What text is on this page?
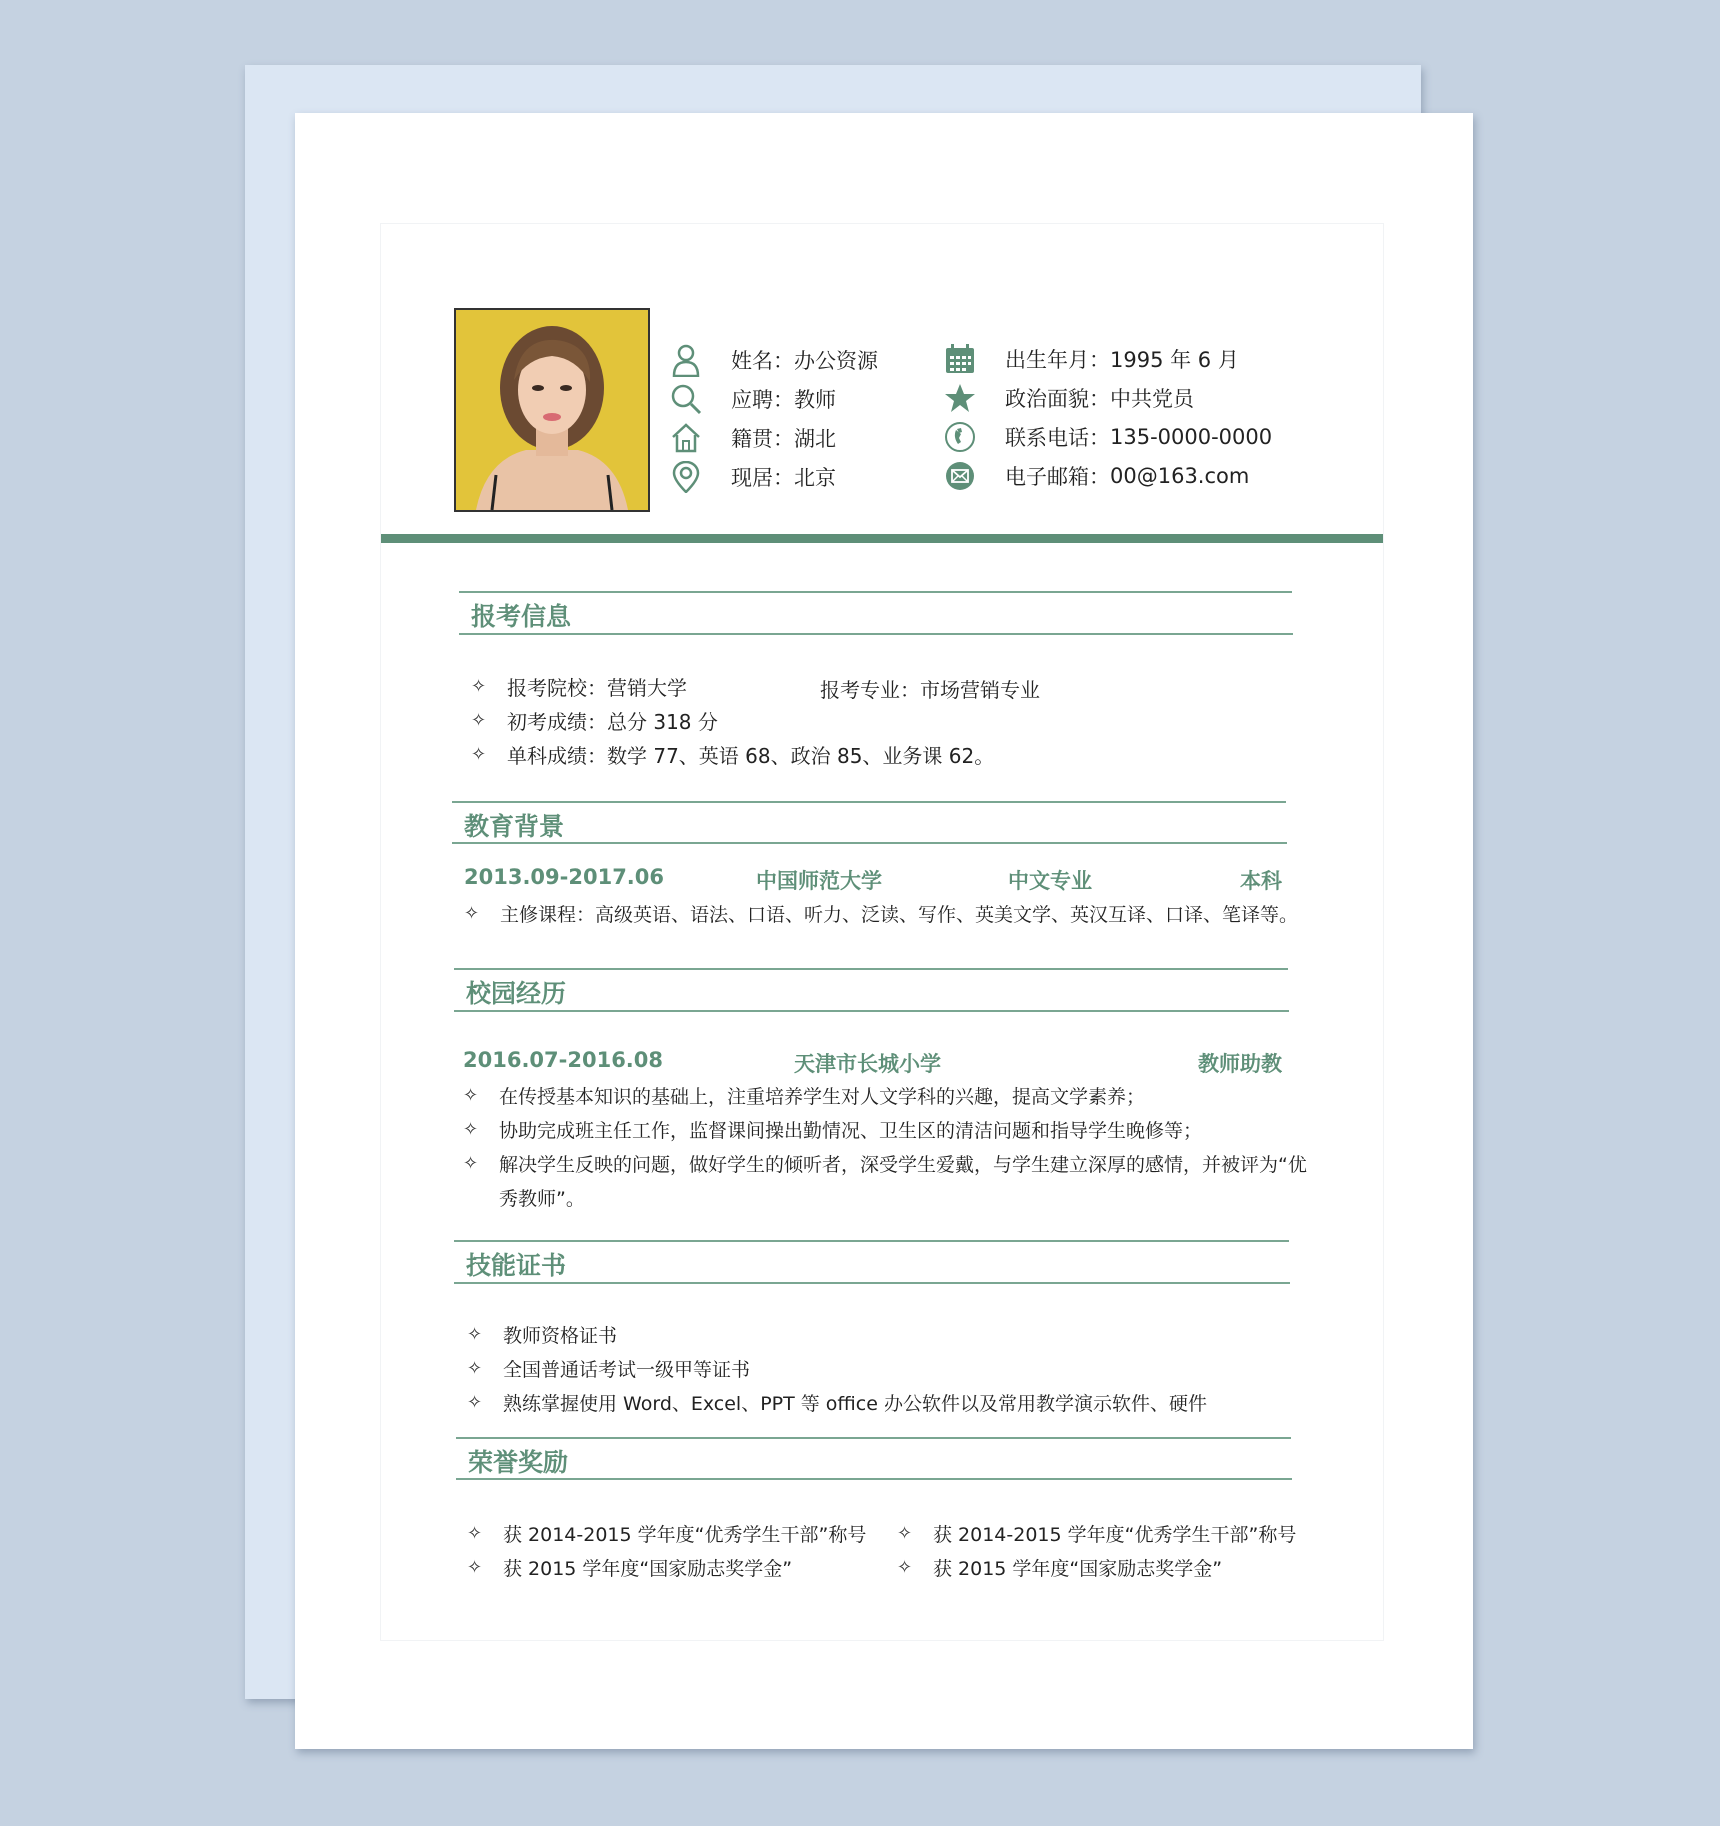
姓名： 办公资源
应聘： 教师
籍贯： 湖北
现居： 北京
出生年月： 1995 年 6 月
政治面貌： 中共党员
联系电话： 135-0000-0000
电子邮箱： 00@163.com
报考信息
✧	报考院校：营销大学	报考专业：市场营销专业
✧	初考成绩：总分 318 分
✧	单科成绩：数学 77、英语 68、政治 85、业务课 62。
教育背景
2013.09-2017.06	中国师范大学	中文专业	本科
✧	主修课程：高级英语、语法、口语、听力、泛读、写作、英美文学、英汉互译、口译、笔译等。
校园经历
2016.07-2016.08	天津市长城小学	教师助教
✧	在传授基本知识的基础上，注重培养学生对人文学科的兴趣，提高文学素养；
✧	协助完成班主任工作，监督课间操出勤情况、卫生区的清洁问题和指导学生晚修等；
✧	解决学生反映的问题，做好学生的倾听者，深受学生爱戴，与学生建立深厚的感情，并被评为“优
秀教师”。
技能证书
✧	教师资格证书
✧	全国普通话考试一级甲等证书
✧	熟练掌握使用 Word、Excel、PPT 等 office 办公软件以及常用教学演示软件、硬件
荣誉奖励
✧	获 2014-2015 学年度“优秀学生干部”称号 ✧	获 2014-2015 学年度“优秀学生干部”称号
✧	获 2015 学年度“国家励志奖学金”	✧	获 2015 学年度“国家励志奖学金”
